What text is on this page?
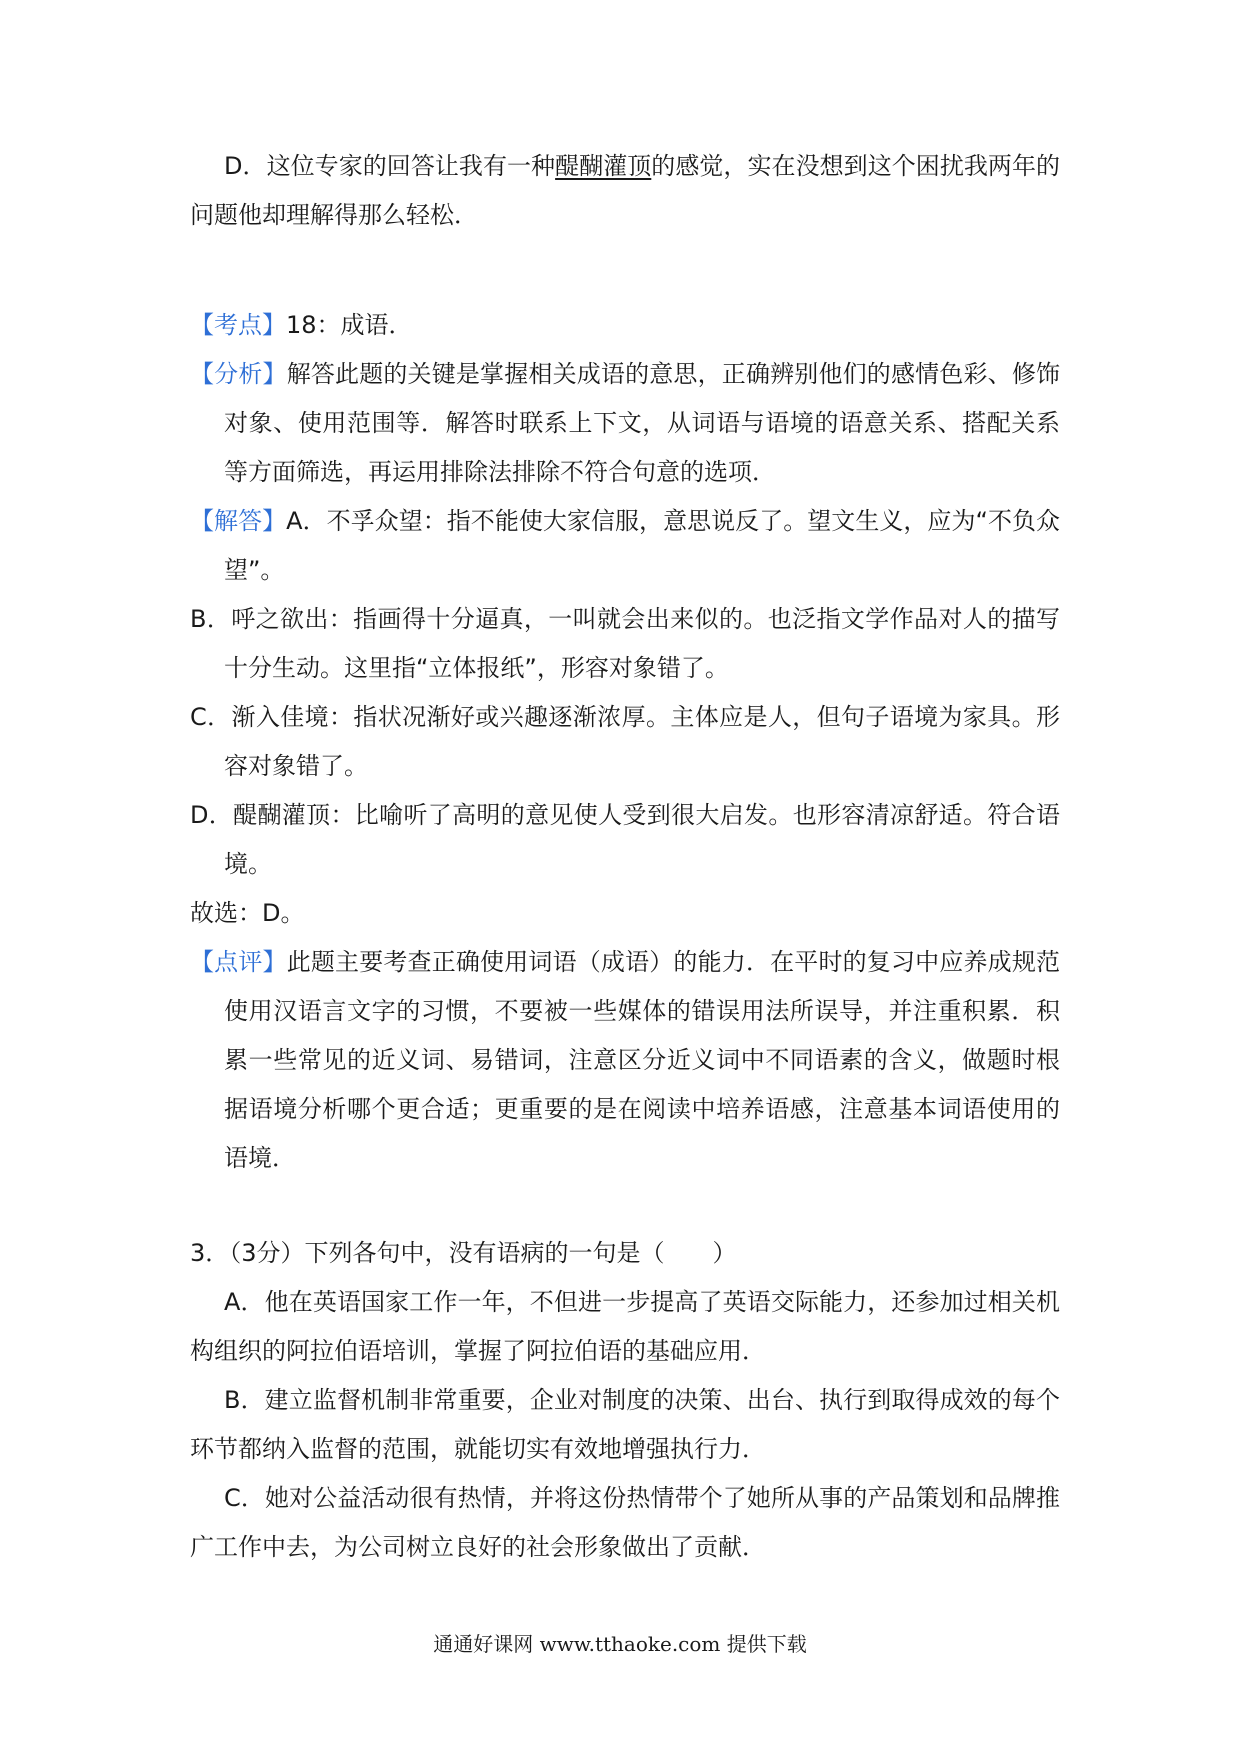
D．这位专家的回答让我有一种醍醐灌顶的感觉，实在没想到这个困扰我两年的问题他却理解得那么轻松．
【考点】18：成语．
【分析】解答此题的关键是掌握相关成语的意思，正确辨别他们的感情色彩、修饰对象、使用范围等．解答时联系上下文，从词语与语境的语意关系、搭配关系等方面筛选，再运用排除法排除不符合句意的选项．
【解答】A．不孚众望：指不能使大家信服，意思说反了。望文生义，应为“不负众望”。
B．呼之欲出：指画得十分逼真，一叫就会出来似的。也泛指文学作品对人的描写十分生动。这里指“立体报纸”，形容对象错了。
C．渐入佳境：指状况渐好或兴趣逐渐浓厚。主体应是人，但句子语境为家具。形容对象错了。
D．醍醐灌顶：比喻听了高明的意见使人受到很大启发。也形容清凉舒适。符合语境。
故选：D。
【点评】此题主要考查正确使用词语（成语）的能力．在平时的复习中应养成规范使用汉语言文字的习惯，不要被一些媒体的错误用法所误导，并注重积累．积累一些常见的近义词、易错词，注意区分近义词中不同语素的含义，做题时根据语境分析哪个更合适；更重要的是在阅读中培养语感，注意基本词语使用的语境．
3．（3分）下列各句中，没有语病的一句是（　　）
A．他在英语国家工作一年，不但进一步提高了英语交际能力，还参加过相关机构组织的阿拉伯语培训，掌握了阿拉伯语的基础应用．
B．建立监督机制非常重要，企业对制度的决策、出台、执行到取得成效的每个环节都纳入监督的范围，就能切实有效地增强执行力．
C．她对公益活动很有热情，并将这份热情带个了她所从事的产品策划和品牌推广工作中去，为公司树立良好的社会形象做出了贡献．
通通好课网 www.tthaoke.com 提供下载
